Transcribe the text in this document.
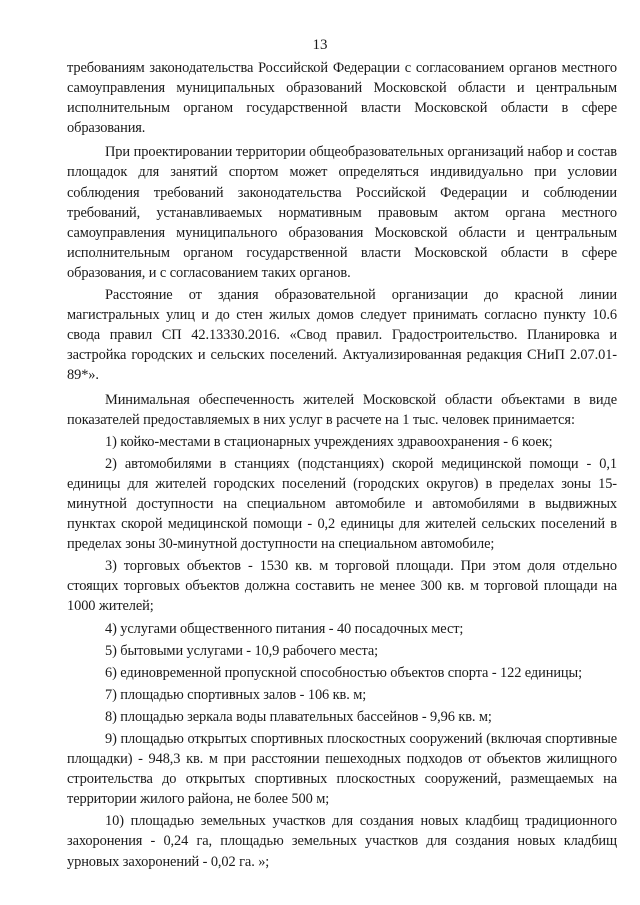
13

требованиям законодательства Российской Федерации с согласованием органов местного самоуправления муниципальных образований Московской области и центральным исполнительным органом государственной власти Московской области в сфере образования.

При проектировании территории общеобразовательных организаций набор и состав площадок для занятий спортом может определяться индивидуально при условии соблюдения требований законодательства Российской Федерации и соблюдении требований, устанавливаемых нормативным правовым актом органа местного самоуправления муниципального образования Московской области и центральным исполнительным органом государственной власти Московской области в сфере образования, и с согласованием таких органов.

Расстояние от здания образовательной организации до красной линии магистральных улиц и до стен жилых домов следует принимать согласно пункту 10.6 свода правил СП 42.13330.2016. «Свод правил. Градостроительство. Планировка и застройка городских и сельских поселений. Актуализированная редакция СНиП 2.07.01-89*».

Минимальная обеспеченность жителей Московской области объектами в виде показателей предоставляемых в них услуг в расчете на 1 тыс. человек принимается:

1) койко-местами в стационарных учреждениях здравоохранения - 6 коек;

2) автомобилями в станциях (подстанциях) скорой медицинской помощи - 0,1 единицы для жителей городских поселений (городских округов) в пределах зоны 15-минутной доступности на специальном автомобиле и автомобилями в выдвижных пунктах скорой медицинской помощи - 0,2 единицы для жителей сельских поселений в пределах зоны 30-минутной доступности на специальном автомобиле;

3) торговых объектов - 1530 кв. м торговой площади. При этом доля отдельно стоящих торговых объектов должна составить не менее 300 кв. м торговой площади на 1000 жителей;

4) услугами общественного питания - 40 посадочных мест;

5) бытовыми услугами - 10,9 рабочего места;

6) единовременной пропускной способностью объектов спорта - 122 единицы;

7) площадью спортивных залов - 106 кв. м;

8) площадью зеркала воды плавательных бассейнов - 9,96 кв. м;

9) площадью открытых спортивных плоскостных сооружений (включая спортивные площадки) - 948,3 кв. м при расстоянии пешеходных подходов от объектов жилищного строительства до открытых спортивных плоскостных сооружений, размещаемых на территории жилого района, не более 500 м;

10) площадью земельных участков для создания новых кладбищ традиционного захоронения - 0,24 га, площадью земельных участков для создания новых кладбищ урновых захоронений - 0,02 га. »;
